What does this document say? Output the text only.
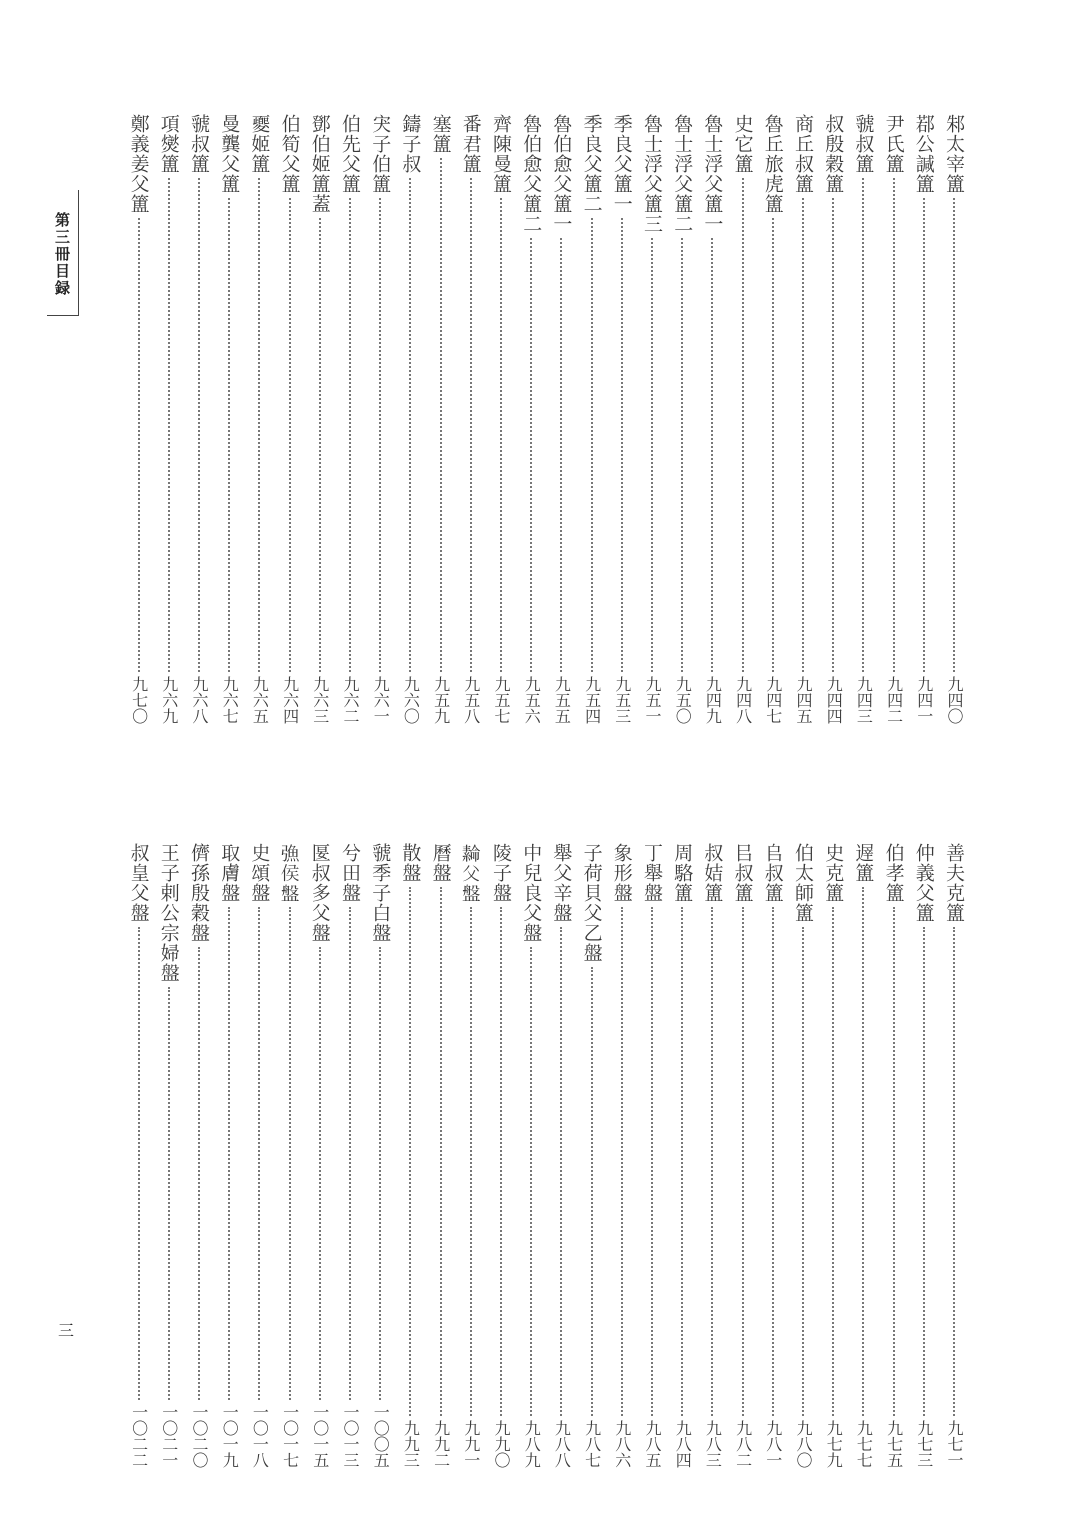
第三冊目録
三
邾太宰簠
九四〇
鄀公諴簠
九四一
尹氏簠
九四二
虢叔簠
九四三
叔殷穀簠
九四四
商丘叔簠
九四五
魯丘旅虎簠
九四七
史它簠
九四八
魯士浮父簠一
九四九
魯士浮父簠二
九五〇
魯士浮父簠三
九五一
季良父簠一
九五三
季良父簠二
九五四
魯伯愈父簠一
九五五
魯伯愈父簠二
九五六
齊陳曼簠
九五七
番君簠
九五八
塞簠
九五九
鑄子叔
九六〇
宊子伯簠
九六一
伯先父簠
九六二
鄧伯姬簠蓋
九六三
伯筍父簠
九六四
夒姬簠
九六五
曼龔父簠
九六七
虢叔簠
九六八
項爕簠
九六九
鄭義姜父簠
九七〇
善夫克簠
九七一
仲義父簠
九七三
伯孝簠
九七五
遟簠
九七七
史克簠
九七九
伯太師簠
九八〇
𠂤叔簠
九八一
㠯叔簠
九八二
叔姞簠
九八三
周駱簠
九八四
丁舉盤
九八五
象形盤
九八六
子荷貝父乙盤
九八七
舉父辛盤
九八八
中兒良父盤
九八九
陵子盤
九九〇
𦅫父盤
九九一
曆盤
九九二
散盤
九九三
虢季子白盤
一〇〇五
兮田盤
一〇一三
匽叔多父盤
一〇一五
𢐗侯盤
一〇一七
史頌盤
一〇一八
取膚盤
一〇一九
儕孫殷穀盤
一〇二〇
王子剌公宗婦盤
一〇二一
叔皇父盤
一〇二二
